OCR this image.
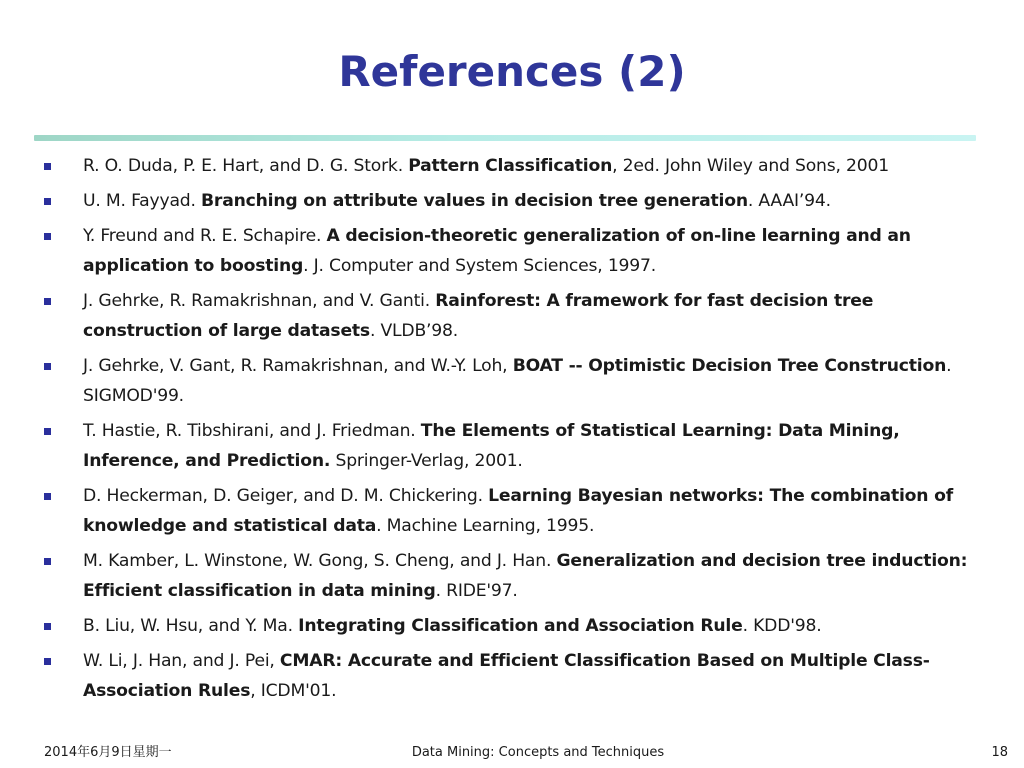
References (2)
R. O. Duda, P. E. Hart, and D. G. Stork. Pattern Classification, 2ed. John Wiley and Sons, 2001
U. M. Fayyad. Branching on attribute values in decision tree generation. AAAI’94.
Y. Freund and R. E. Schapire. A decision-theoretic generalization of on-line learning and an application to boosting. J. Computer and System Sciences, 1997.
J. Gehrke, R. Ramakrishnan, and V. Ganti. Rainforest: A framework for fast decision tree construction of large datasets. VLDB’98.
J. Gehrke, V. Gant, R. Ramakrishnan, and W.-Y. Loh, BOAT -- Optimistic Decision Tree Construction. SIGMOD'99.
T. Hastie, R. Tibshirani, and J. Friedman. The Elements of Statistical Learning: Data Mining, Inference, and Prediction. Springer-Verlag, 2001.
D. Heckerman, D. Geiger, and D. M. Chickering. Learning Bayesian networks: The combination of knowledge and statistical data. Machine Learning, 1995.
M. Kamber, L. Winstone, W. Gong, S. Cheng, and J. Han. Generalization and decision tree induction: Efficient classification in data mining. RIDE'97.
B. Liu, W. Hsu, and Y. Ma. Integrating Classification and Association Rule. KDD'98.
W. Li, J. Han, and J. Pei, CMAR: Accurate and Efficient Classification Based on Multiple Class-Association Rules, ICDM'01.
2014年6月9日星期一	Data Mining: Concepts and Techniques	18
